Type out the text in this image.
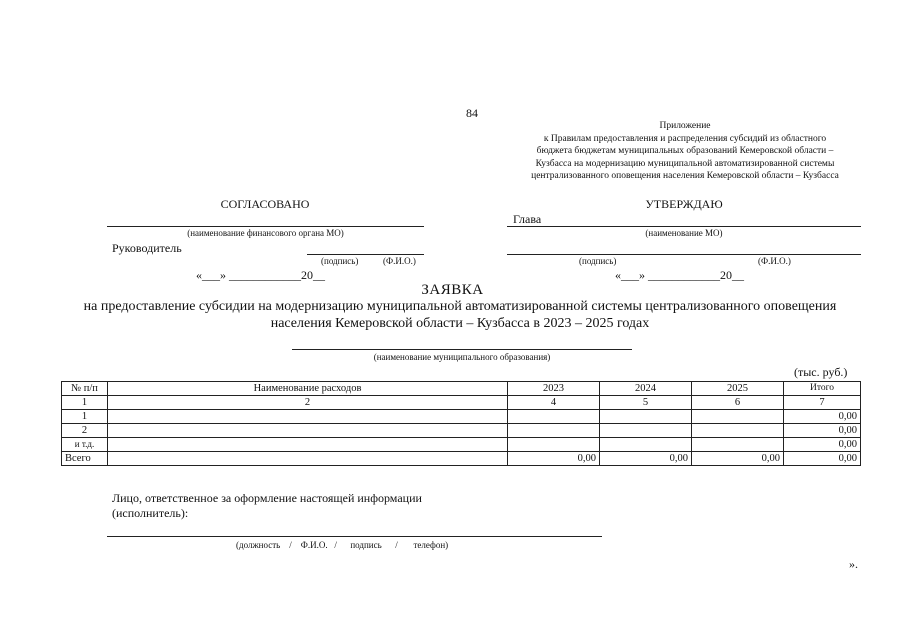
84
Приложение
к Правилам предоставления и распределения субсидий из областного
бюджета бюджетам муниципальных образований Кемеровской области –
Кузбасса на модернизацию муниципальной автоматизированной системы
централизованного оповещения населения Кемеровской области – Кузбасса
СОГЛАСОВАНО
(наименование финансового органа МО)
Руководитель
(подпись)	(Ф.И.О.)
«___» ____________20__
УТВЕРЖДАЮ
Глава
(наименование МО)
(подпись)	(Ф.И.О.)
«___» ____________20__
ЗАЯВКА
на предоставление субсидии на модернизацию муниципальной автоматизированной системы централизованного оповещения населения Кемеровской области – Кузбасса в 2023 – 2025 годах
(наименование муниципального образования)
(тыс. руб.)
№ п/п	Наименование расходов	2023	2024	2025	Итого
1	2	4	5	6	7
1					0,00
2					0,00
и т.д.					0,00
Всего		0,00	0,00	0,00	0,00
Лицо, ответственное за оформление настоящей информации
(исполнитель):
(должность    /    Ф.И.О.   /      подпись      /       телефон)
».
